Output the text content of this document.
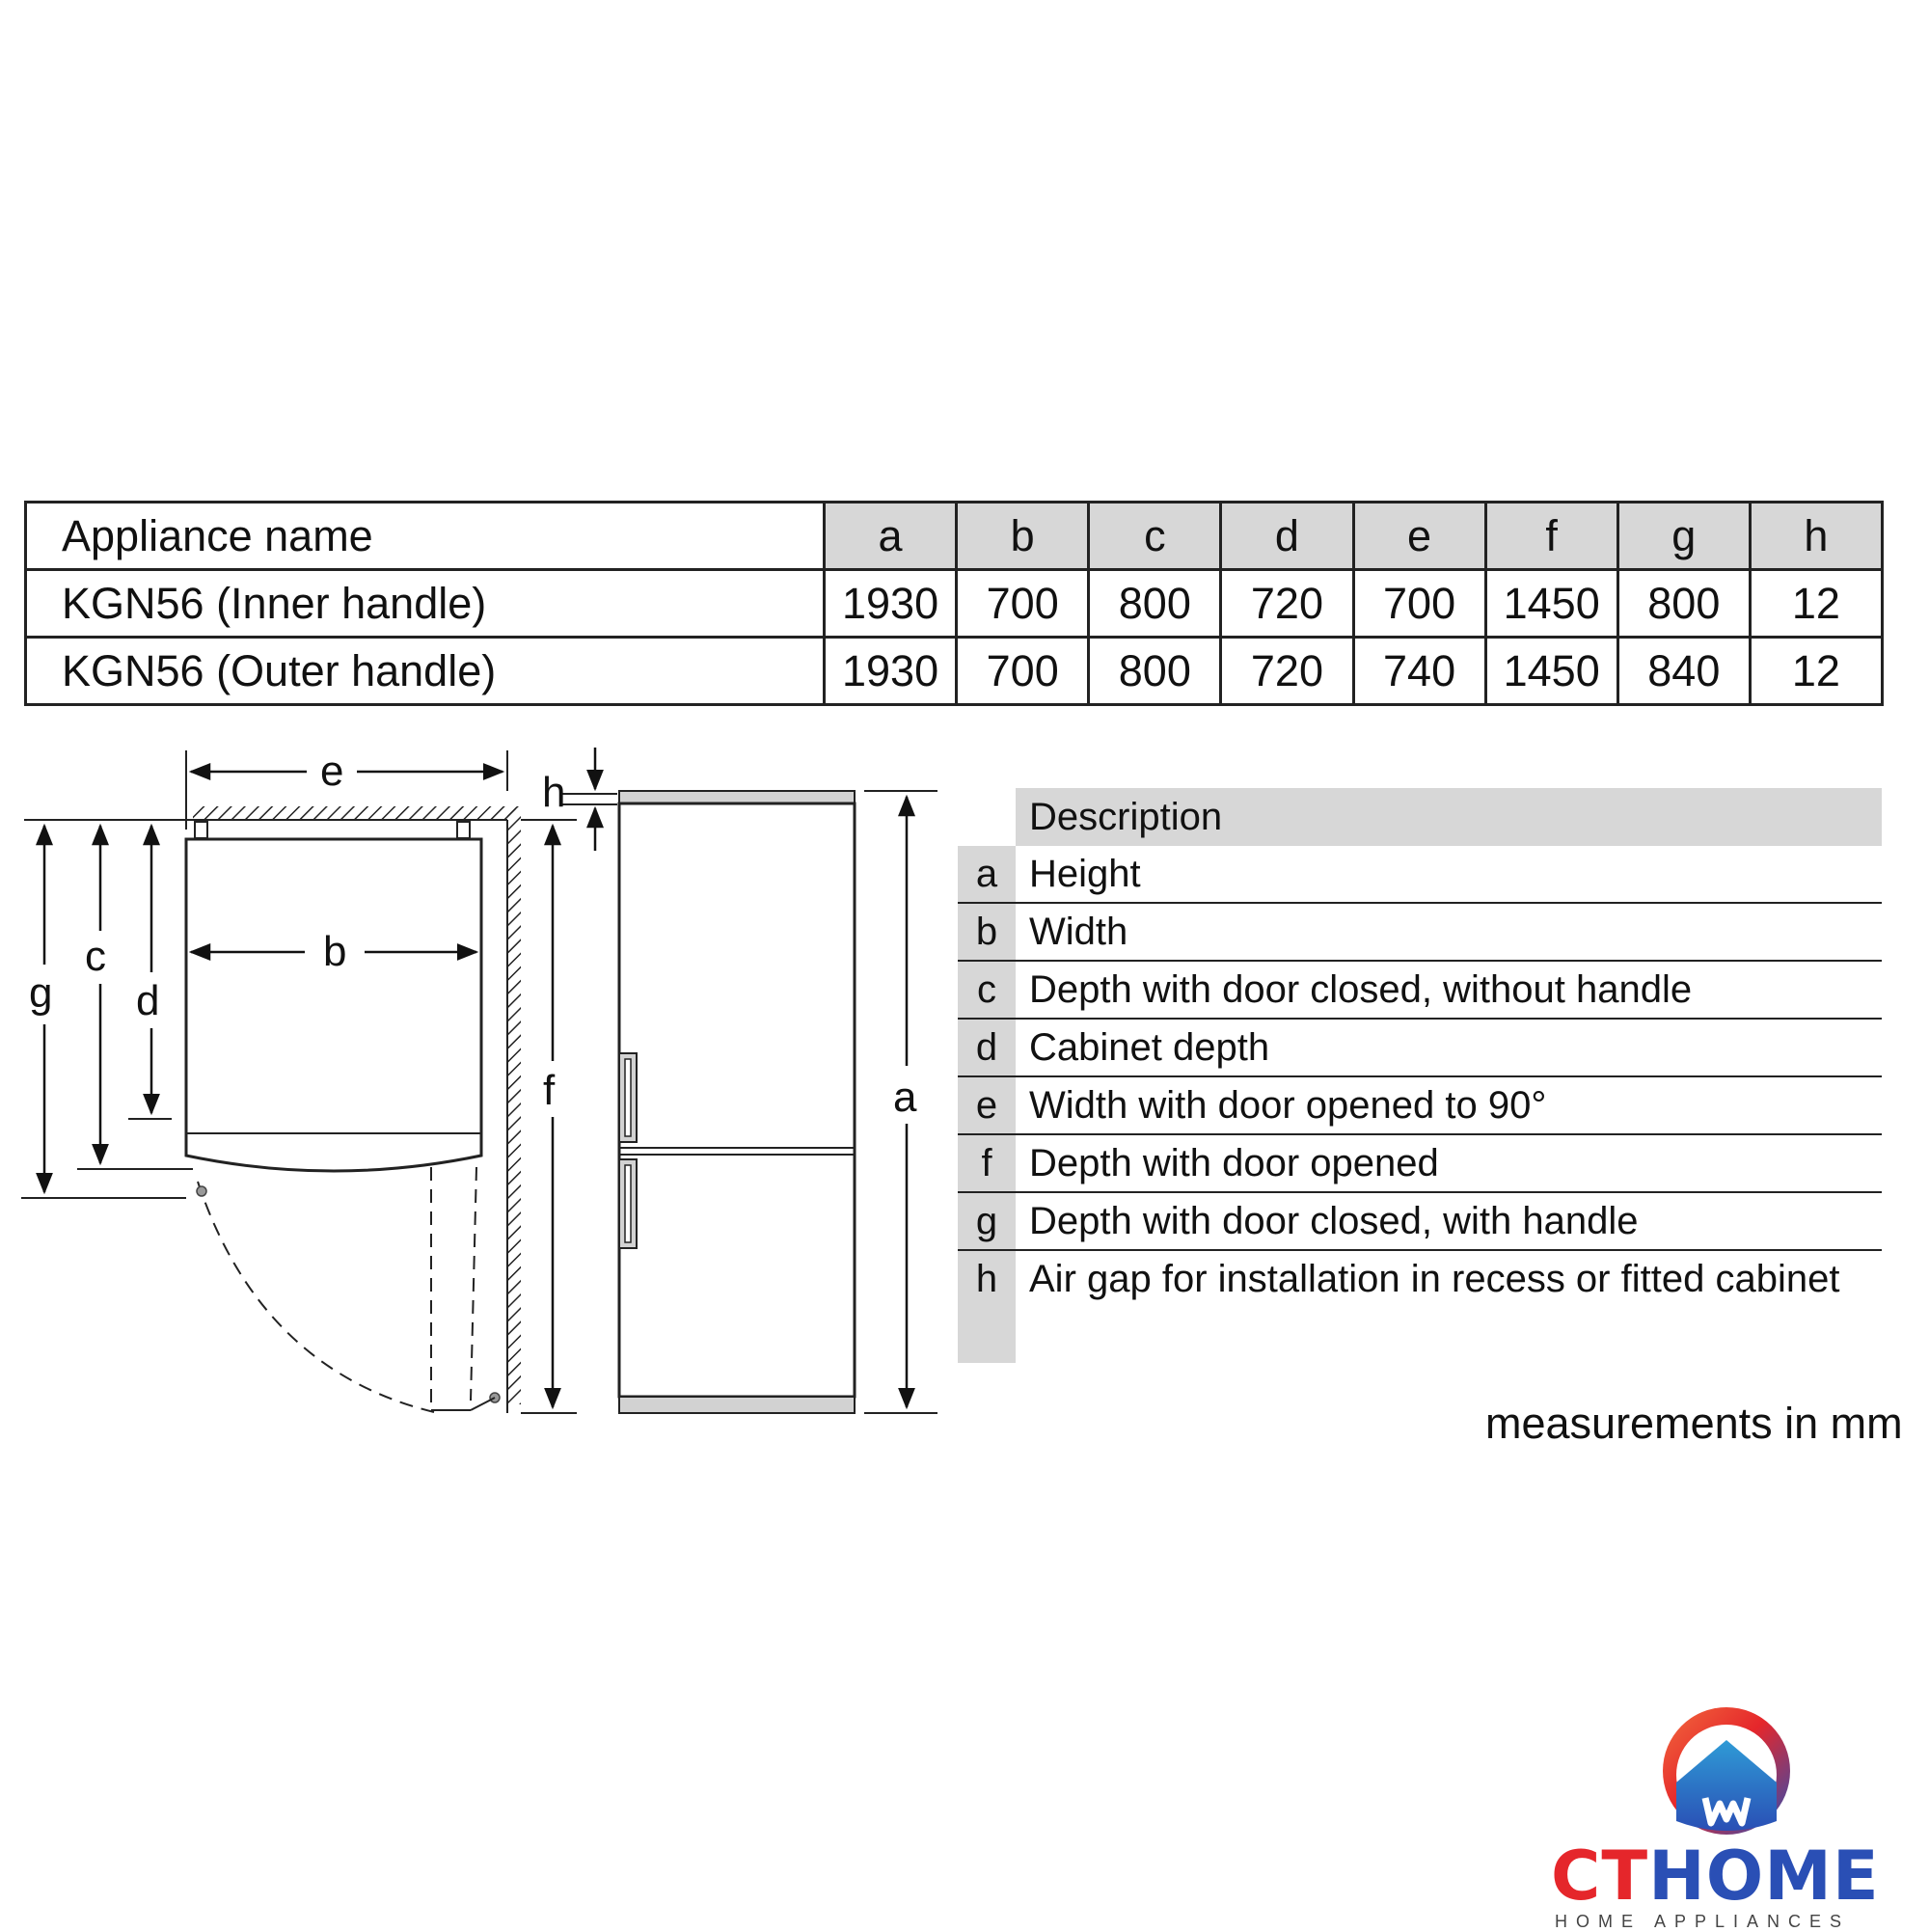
Appliance name	a	b	c	d	e	f	g	h
KGN56 (Inner handle)	1930	700	800	720	700	1450	800	12
KGN56 (Outer handle)	1930	700	800	720	740	1450	840	12
e
b
g
c
d
h
f	a
Description
a Height
b Width
c Depth with door closed, without handle
d Cabinet depth
e Width with door opened to 90°
f Depth with door opened
g Depth with door closed, with handle
h Air gap for installation in recess or fitted cabinet
measurements in mm
CTHOME
HOME APPLIANCES
